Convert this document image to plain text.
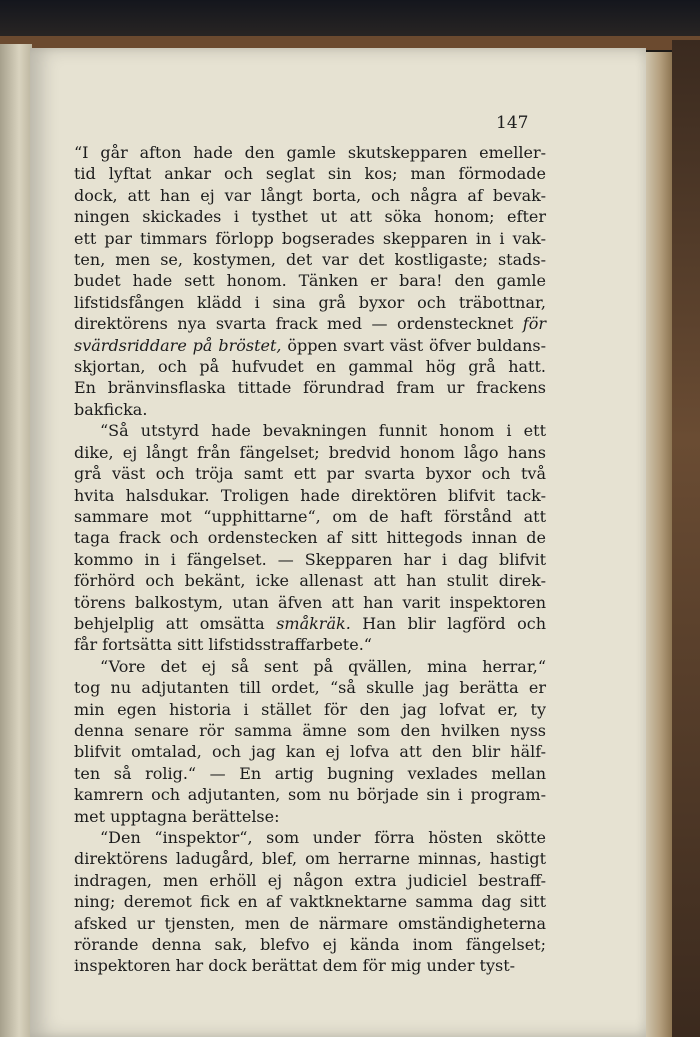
147

“I går afton hade den gamle skutskepparen emeller-
tid lyftat ankar och seglat sin kos; man förmodade
dock, att han ej var långt borta, och några af bevak-
ningen skickades i tysthet ut att söka honom; efter
ett par timmars förlopp bogserades skepparen in i vak-
ten, men se, kostymen, det var det kostligaste; stads-
budet hade sett honom. Tänken er bara! den gamle
lifstidsfången klädd i sina grå byxor och träbottnar,
direktörens nya svarta frack med — ordenstecknet för
svärdsriddare på bröstet, öppen svart väst öfver buldans-
skjortan, och på hufvudet en gammal hög grå hatt.
En bränvinsflaska tittade förundrad fram ur frackens
bakficka.

“Så utstyrd hade bevakningen funnit honom i ett
dike, ej långt från fängelset; bredvid honom lågo hans
grå väst och tröja samt ett par svarta byxor och två
hvita halsdukar. Troligen hade direktören blifvit tack-
sammare mot “upphittarne“, om de haft förstånd att
taga frack och ordenstecken af sitt hittegods innan de
kommo in i fängelset. — Skepparen har i dag blifvit
förhörd och bekänt, icke allenast att han stulit direk-
törens balkostym, utan äfven att han varit inspektoren
behjelplig att omsätta småkräk. Han blir lagförd och
får fortsätta sitt lifstidsstraffarbete.“

“Vore det ej så sent på qvällen, mina herrar,“
tog nu adjutanten till ordet, “så skulle jag berätta er
min egen historia i stället för den jag lofvat er, ty
denna senare rör samma ämne som den hvilken nyss
blifvit omtalad, och jag kan ej lofva att den blir hälf-
ten så rolig.“ — En artig bugning vexlades mellan
kamrern och adjutanten, som nu började sin i program-
met upptagna berättelse:

“Den “inspektor“, som under förra hösten skötte
direktörens ladugård, blef, om herrarne minnas, hastigt
indragen, men erhöll ej någon extra judiciel bestraff-
ning; deremot fick en af vaktknektarne samma dag sitt
afsked ur tjensten, men de närmare omständigheterna
rörande denna sak, blefvo ej kända inom fängelset;
inspektoren har dock berättat dem för mig under tyst-
